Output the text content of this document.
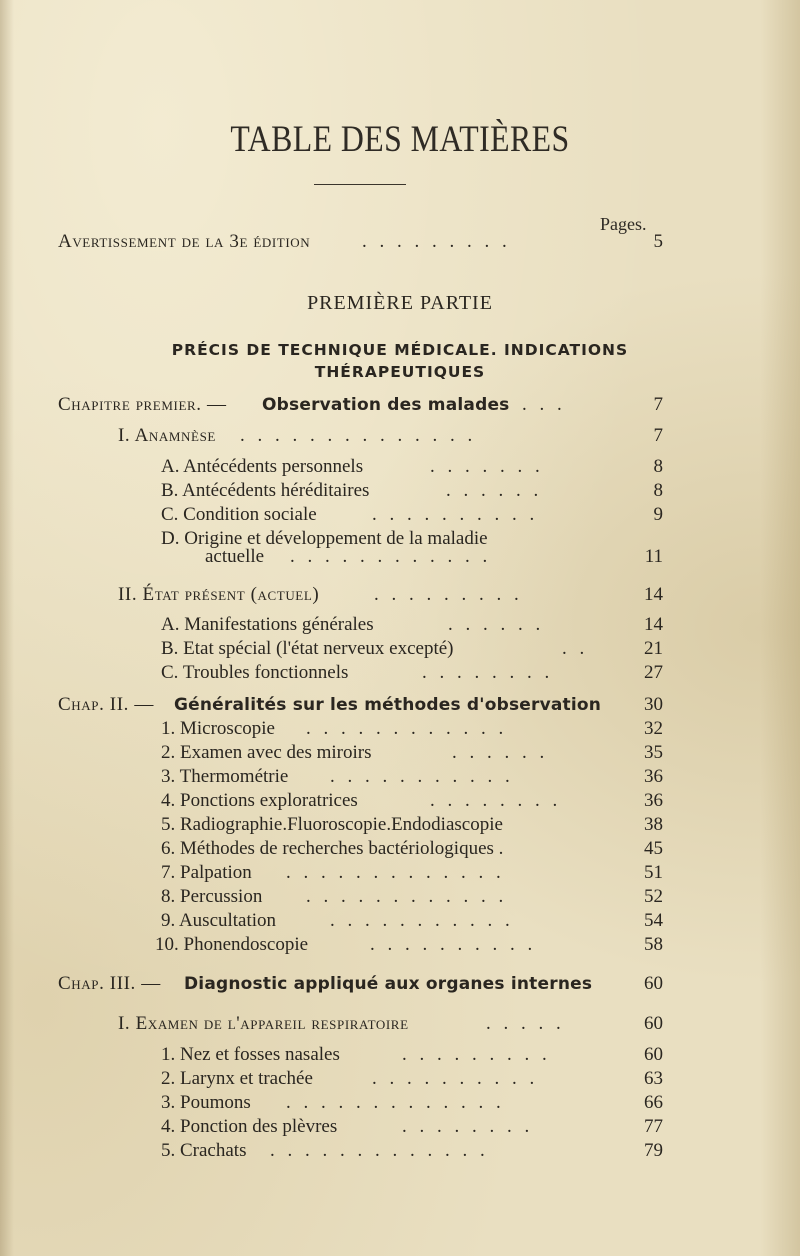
TABLE DES MATIÈRES
Pages.
Avertissement de la 3e édition	. . . . . . . . .	5
PREMIÈRE PARTIE
PRÉCIS DE TECHNIQUE MÉDICALE. INDICATIONS
THÉRAPEUTIQUES
Chapitre premier. — Observation des malades . . .	7
I. Anamnèse . . . . . . . . . . . . . .	7
A. Antécédents personnels	. . . . . . .	8
B. Antécédents héréditaires	. . . . . .	8
C. Condition sociale	. . . . . . . . . .	9
D. Origine et développement de la maladie
actuelle . . . . . . . . . . . .	11
II. État présent (actuel)	. . . . . . . . .	14
A. Manifestations générales	. . . . . .	14
B. Etat spécial (l'état nerveux excepté)	. .	21
C. Troubles fonctionnels	. . . . . . . .	27
Chap. II. — Généralités sur les méthodes d'observation	30
1. Microscopie . . . . . . . . . . . .	32
2. Examen avec des miroirs	. . . . . .	35
3. Thermométrie . . . . . . . . . . .	36
4. Ponctions exploratrices	. . . . . . . .	36
5. Radiographie.Fluoroscopie.Endodiascopie	38
6. Méthodes de recherches bactériologiques .	45
7. Palpation . . . . . . . . . . . . .	51
8. Percussion . . . . . . . . . . . .	52
9. Auscultation	. . . . . . . . . . .	54
10. Phonendoscopie	. . . . . . . . . .	58
Chap. III. — Diagnostic appliqué aux organes internes	60
I. Examen de l'appareil respiratoire	. . . . .	60
1. Nez et fosses nasales	. . . . . . . . .	60
2. Larynx et trachée	. . . . . . . . . .	63
3. Poumons . . . . . . . . . . . . .	66
4. Ponction des plèvres	. . . . . . . .	77
5. Crachats . . . . . . . . . . . . .	79
